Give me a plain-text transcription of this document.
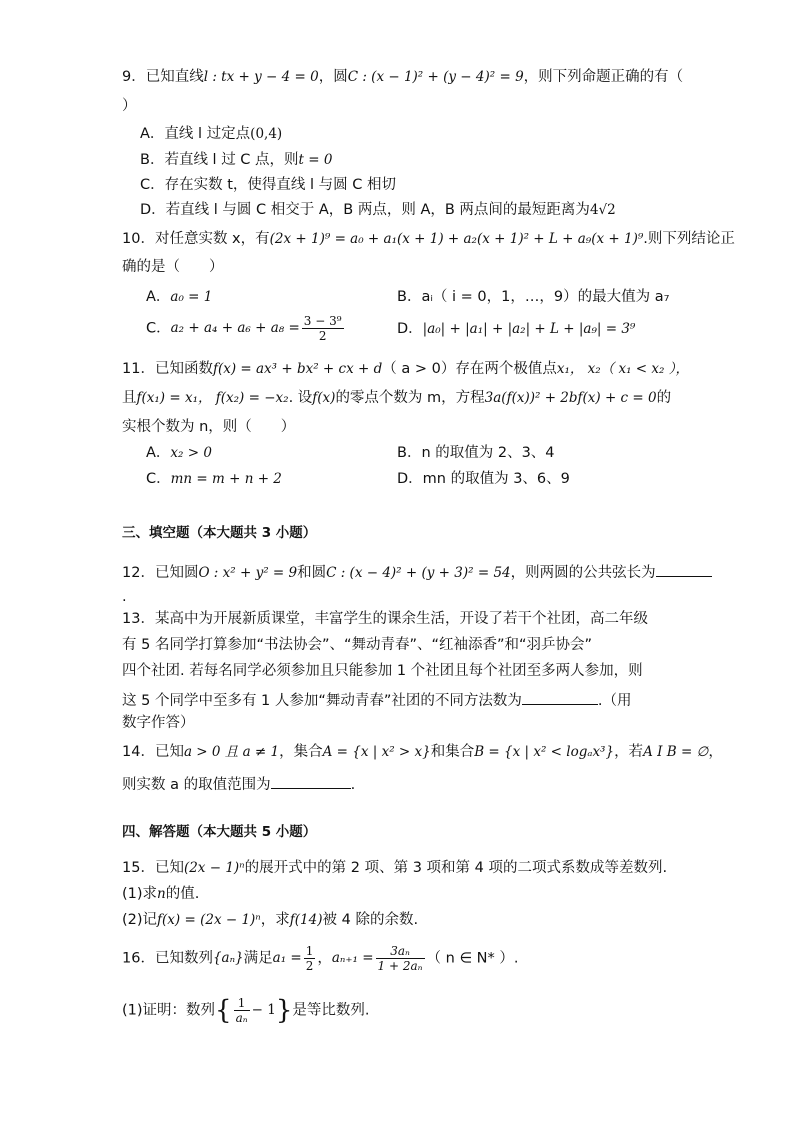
9．已知直线l : tx + y − 4 = 0，圆C : (x − 1)² + (y − 4)² = 9，则下列命题正确的有（
）
A．直线 l 过定点(0,4)
B．若直线 l 过 C 点，则t = 0
C．存在实数 t，使得直线 l 与圆 C 相切
D．若直线 l 与圆 C 相交于 A，B 两点，则 A，B 两点间的最短距离为4√2
10．对任意实数 x，有(2x + 1)⁹ = a₀ + a₁(x + 1) + a₂(x + 1)² + L + a₉(x + 1)⁹.则下列结论正
确的是（　　）
A．a₀ = 1	B．aᵢ（ i = 0，1，…，9）的最大值为 a₇
C．$a_2 + a_4 + a_6 + a_8 = \frac{\text{3 − 3⁹}}{2}$	D．|a₀| + |a₁| + |a₂| + L + |a₉| = 3⁹
11．已知函数f(x) = ax³ + bx² + cx + d（ a > 0）存在两个极值点x₁， x₂（ x₁ < x₂ ），
且f(x₁) = x₁， f(x₂) = −x₂. 设f(x)的零点个数为 m，方程3a(f(x))² + 2bf(x) + c = 0的
实根个数为 n，则（　　）
A．x₂ > 0	B．n 的取值为 2、3、4
C．mn = m + n + 2	D．mn 的取值为 3、6、9
三、填空题（本大题共 3 小题）
12．已知圆O : x² + y² = 9和圆C : (x − 4)² + (y + 3)² = 54，则两圆的公共弦长为
.
13．某高中为开展新质课堂，丰富学生的课余生活，开设了若干个社团，高二年级
有 5 名同学打算参加“书法协会”、“舞动青春”、“红袖添香”和“羽乒协会”
四个社团. 若每名同学必须参加且只能参加 1 个社团且每个社团至多两人参加，则
这 5 个同学中至多有 1 人参加“舞动青春”社团的不同方法数为	.（用
数字作答）
14．已知a > 0 且 a ≠ 1，集合A = {x | x² > x}和集合B = {x | x² < logₐx³}，若A I B = ∅，
则实数 a 的取值范围为	.
四、解答题（本大题共 5 小题）
15．已知(2x − 1)ⁿ的展开式中的第 2 项、第 3 项和第 4 项的二项式系数成等差数列.
(1)求n的值.
(2)记f(x) = (2x − 1)ⁿ，求f(14)被 4 除的余数.
16．已知数列{aₙ}满足$a_1 = \frac{1}{2}$ ，$a_{n+1} = \frac{\text{3aₙ}}{\text{1 + 2aₙ}}$ （ n ∈ N* ）.
(1)证明：数列{ $\frac{1}{\text{aₙ}} - 1$}是等比数列.
